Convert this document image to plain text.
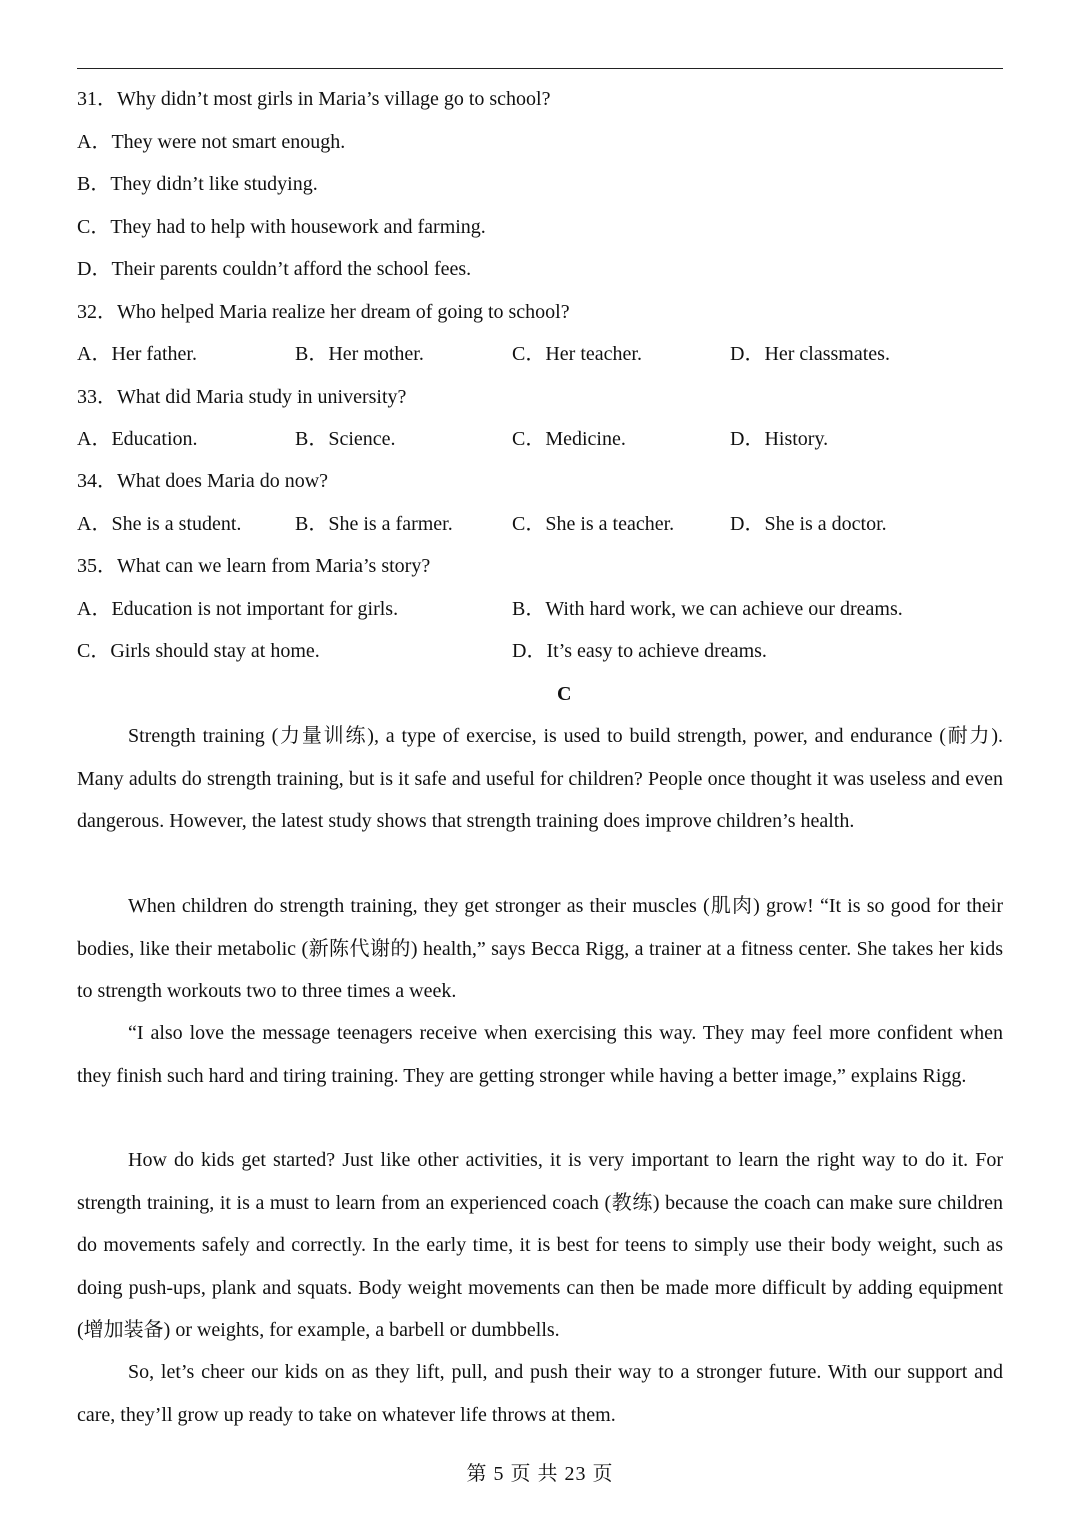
31．Why didn’t most girls in Maria’s village go to school?
A．They were not smart enough.
B．They didn’t like studying.
C．They had to help with housework and farming.
D．Their parents couldn’t afford the school fees.
32．Who helped Maria realize her dream of going to school?
A．Her father.	B．Her mother.	C．Her teacher.	D．Her classmates.
33．What did Maria study in university?
A．Education.	B．Science.	C．Medicine.	D．History.
34．What does Maria do now?
A．She is a student.	B．She is a farmer.	C．She is a teacher.	D．She is a doctor.
35．What can we learn from Maria’s story?
A．Education is not important for girls.	B．With hard work, we can achieve our dreams.
C．Girls should stay at home.	D．It’s easy to achieve dreams.
C

Strength training (力量训练), a type of exercise, is used to build strength, power, and endurance (耐力). Many adults do strength training, but is it safe and useful for children? People once thought it was useless and even dangerous. However, the latest study shows that strength training does improve children’s health.

When children do strength training, they get stronger as their muscles (肌肉) grow! “It is so good for their bodies, like their metabolic (新陈代谢的) health,” says Becca Rigg, a trainer at a fitness center. She takes her kids to strength workouts two to three times a week.

“I also love the message teenagers receive when exercising this way. They may feel more confident when they finish such hard and tiring training. They are getting stronger while having a better image,” explains Rigg.

How do kids get started? Just like other activities, it is very important to learn the right way to do it. For strength training, it is a must to learn from an experienced coach (教练) because the coach can make sure children do movements safely and correctly. In the early time, it is best for teens to simply use their body weight, such as doing push-ups, plank and squats. Body weight movements can then be made more difficult by adding equipment (增加装备) or weights, for example, a barbell or dumbbells.

So, let’s cheer our kids on as they lift, pull, and push their way to a stronger future. With our support and care, they’ll grow up ready to take on whatever life throws at them.

第 5 页 共 23 页
